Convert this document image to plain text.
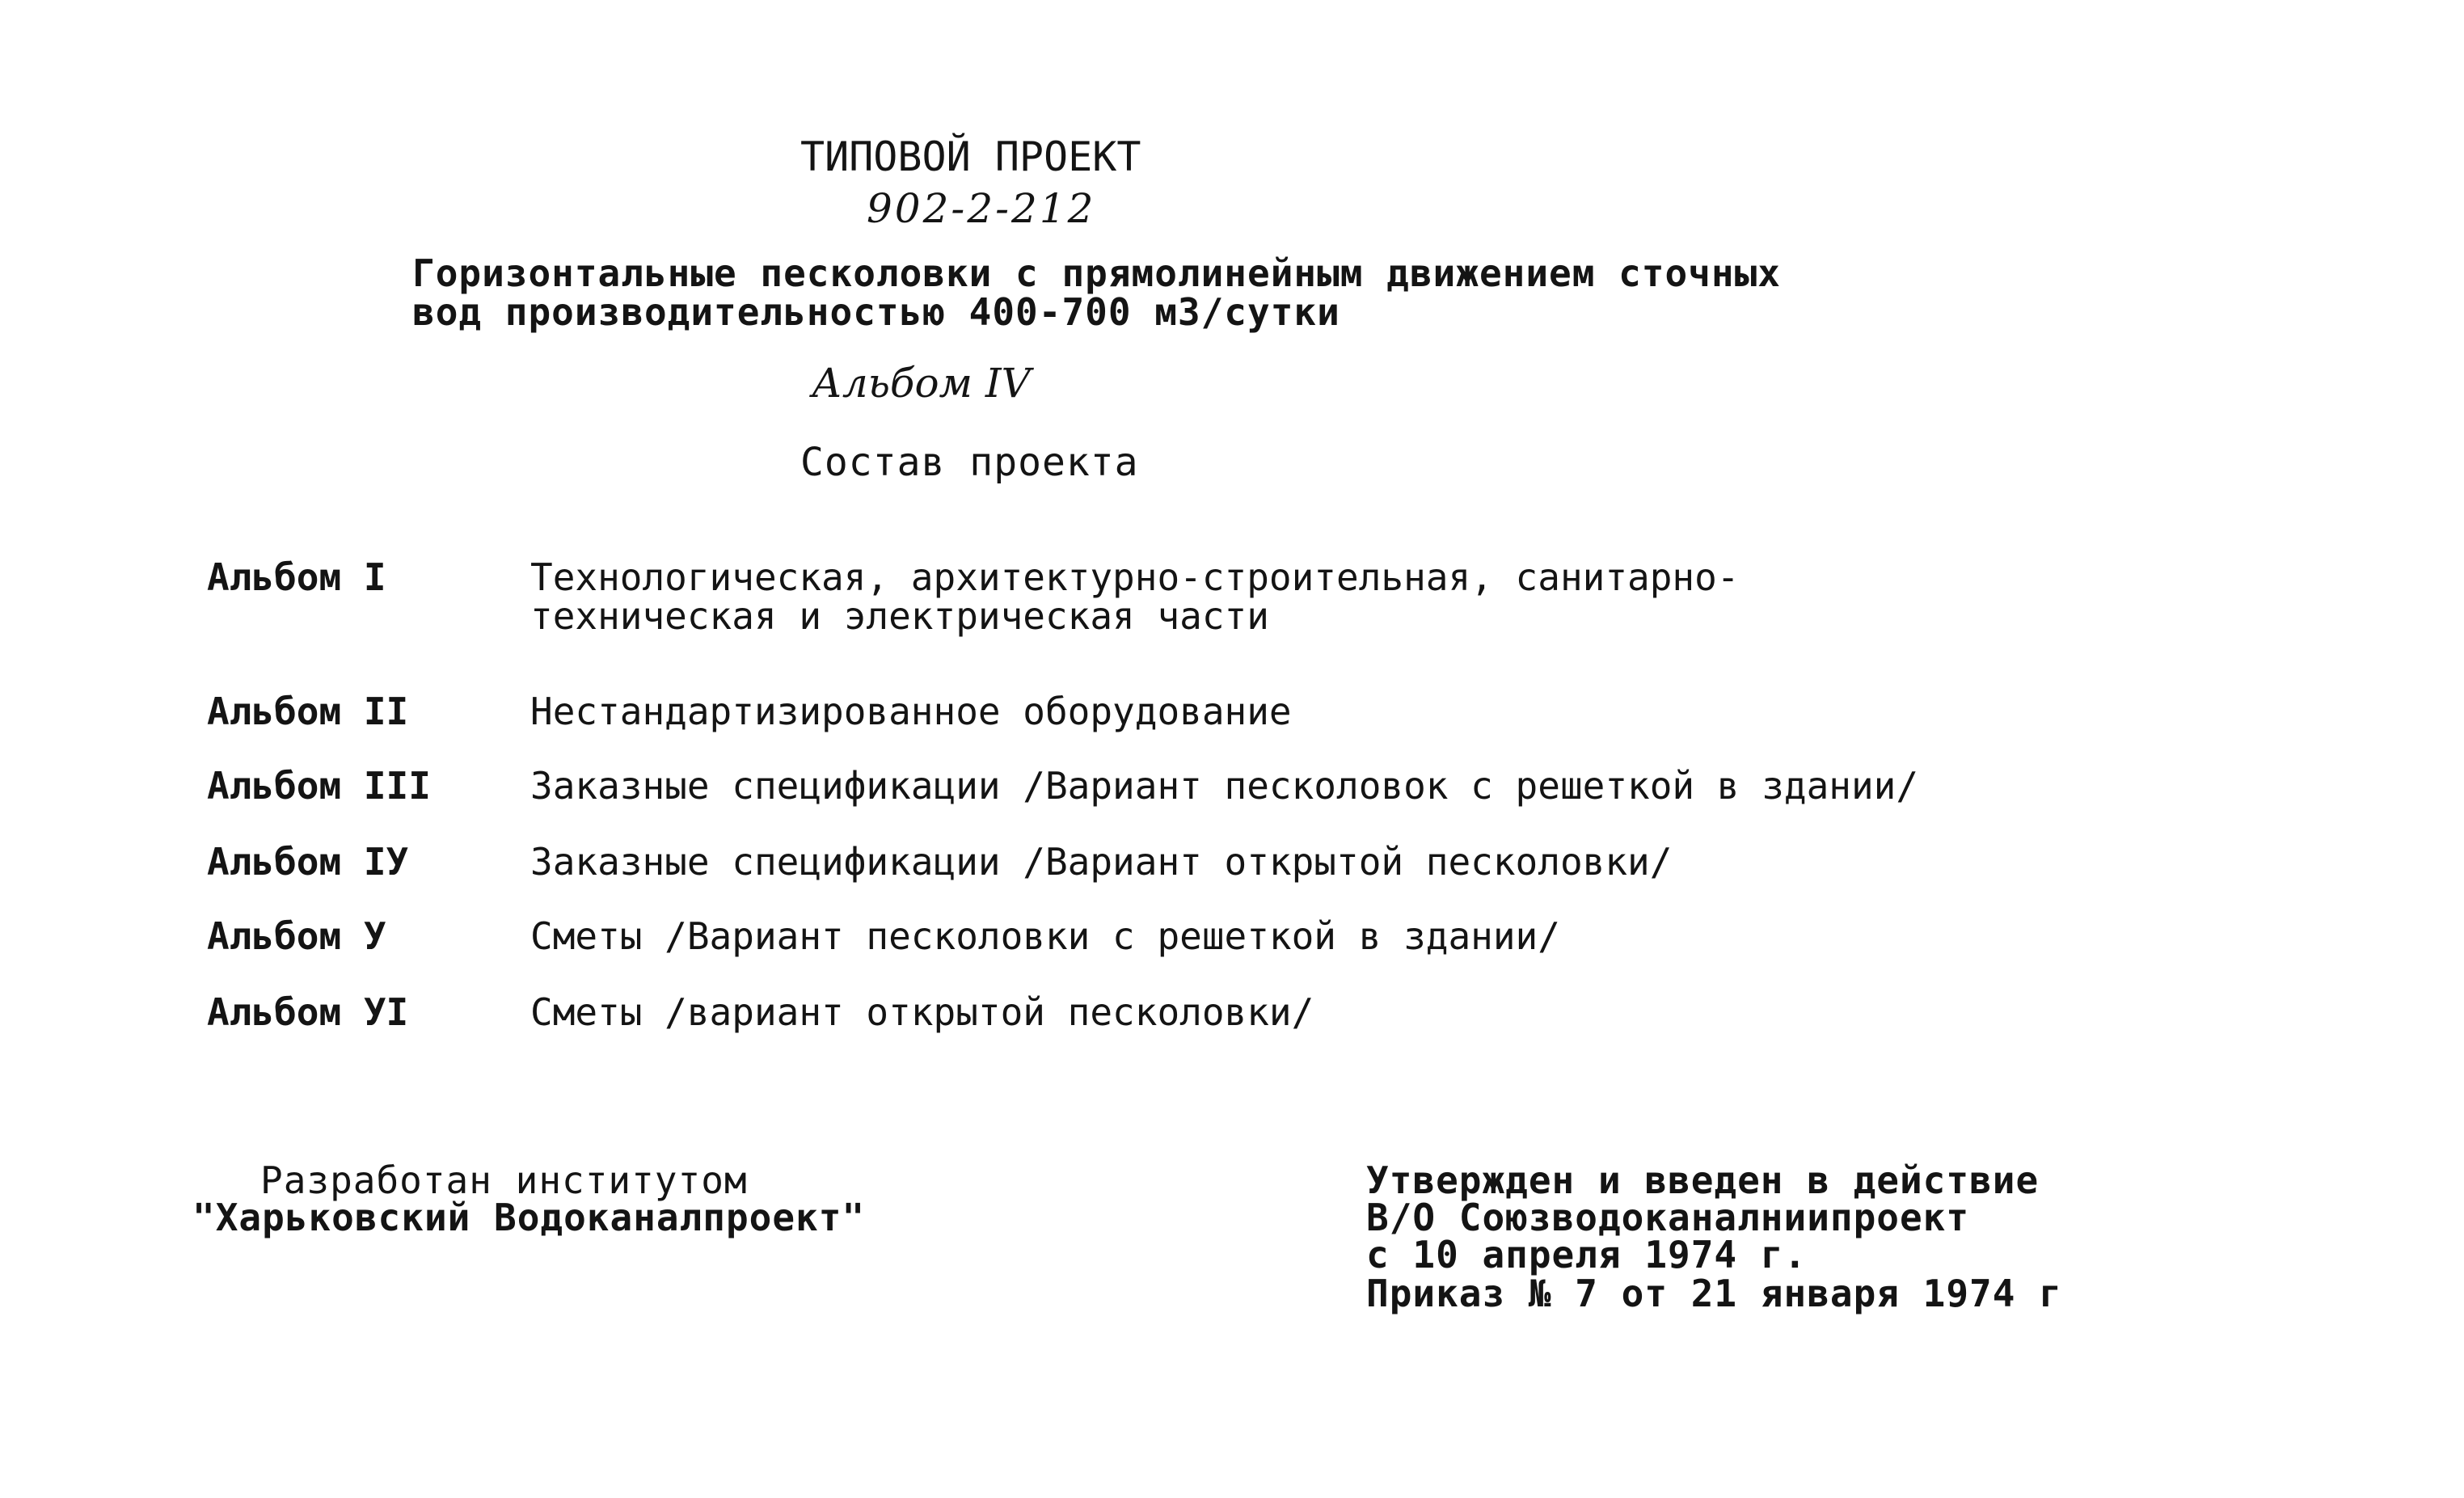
ТИПОВОЙ ПРОЕКТ
902-2-212
Горизонтальные песколовки с прямолинейным движением сточных
вод производительностью 400-700 м3/сутки
Альбом IV
Состав проекта
Альбом I	Технологическая, архитектурно-строительная, санитарно-
техническая и электрическая части
Альбом II	Нестандартизированное оборудование
Альбом III	Заказные спецификации /Вариант песколовок с решеткой в здании/
Альбом IУ	Заказные спецификации /Вариант открытой песколовки/
Альбом У	Сметы /Вариант песколовки с решеткой в здании/
Альбом УI	Сметы /вариант открытой песколовки/
Разработан институтом
"Харьковский Водоканалпроект"
Утвержден и введен в действие
В/О Союзводоканалниипроект
с 10 апреля 1974 г.
Приказ № 7 от 21 января 1974 г
